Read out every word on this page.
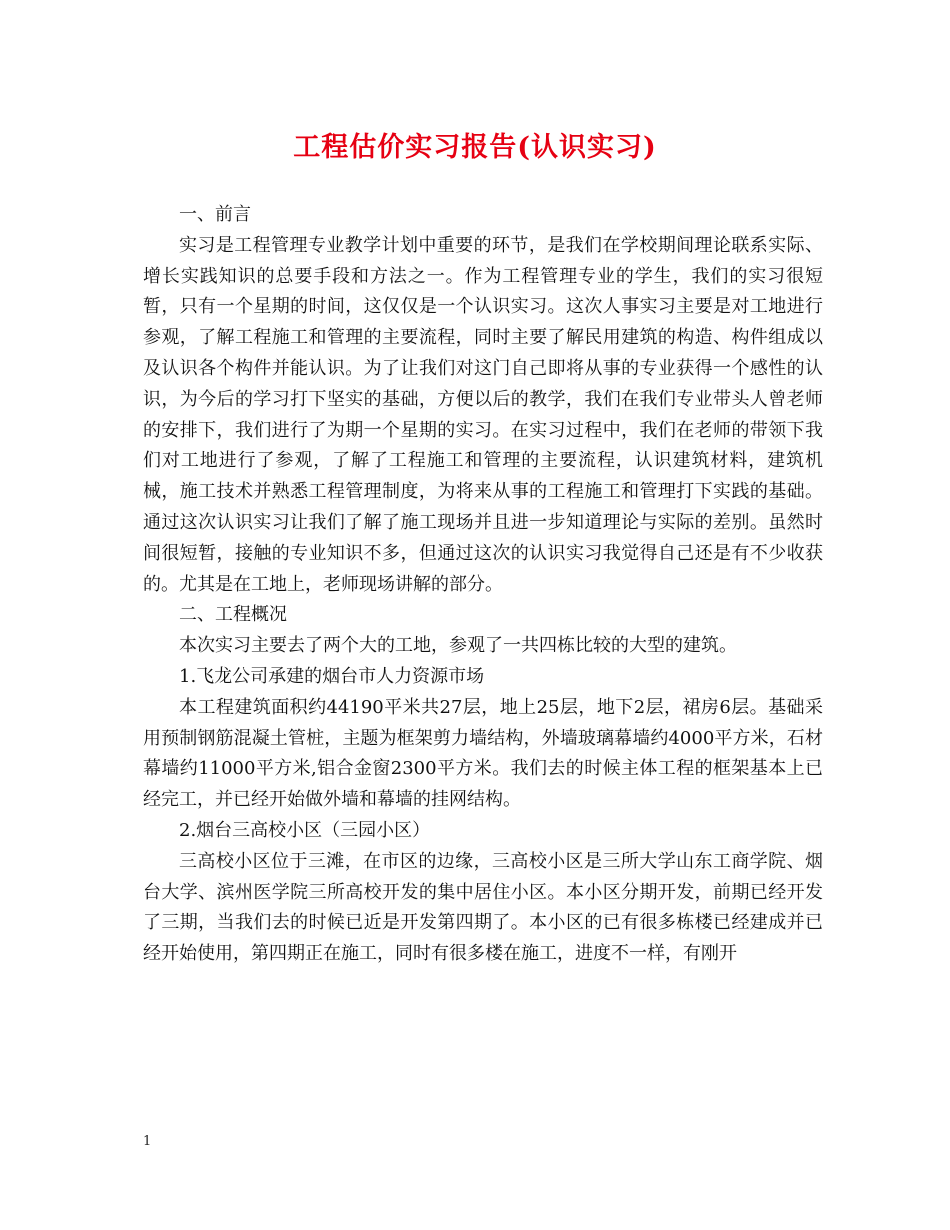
工程估价实习报告(认识实习)

一、前言

实习是工程管理专业教学计划中重要的环节，是我们在学校期间理论联系实际、增长实践知识的总要手段和方法之一。作为工程管理专业的学生，我们的实习很短暂，只有一个星期的时间，这仅仅是一个认识实习。这次人事实习主要是对工地进行参观，了解工程施工和管理的主要流程，同时主要了解民用建筑的构造、构件组成以及认识各个构件并能认识。为了让我们对这门自己即将从事的专业获得一个感性的认识，为今后的学习打下坚实的基础，方便以后的教学，我们在我们专业带头人曾老师的安排下，我们进行了为期一个星期的实习。在实习过程中，我们在老师的带领下我们对工地进行了参观，了解了工程施工和管理的主要流程，认识建筑材料，建筑机械，施工技术并熟悉工程管理制度，为将来从事的工程施工和管理打下实践的基础。通过这次认识实习让我们了解了施工现场并且进一步知道理论与实际的差别。虽然时间很短暂，接触的专业知识不多，但通过这次的认识实习我觉得自己还是有不少收获的。尤其是在工地上，老师现场讲解的部分。

二、工程概况

本次实习主要去了两个大的工地，参观了一共四栋比较的大型的建筑。

1.飞龙公司承建的烟台市人力资源市场

本工程建筑面积约44190平米共27层，地上25层，地下2层，裙房6层。基础采用预制钢筋混凝土管桩，主题为框架剪力墙结构，外墙玻璃幕墙约4000平方米，石材幕墙约11000平方米,铝合金窗2300平方米。我们去的时候主体工程的框架基本上已经完工，并已经开始做外墙和幕墙的挂网结构。

2.烟台三高校小区（三园小区）

三高校小区位于三滩，在市区的边缘，三高校小区是三所大学山东工商学院、烟台大学、滨州医学院三所高校开发的集中居住小区。本小区分期开发，前期已经开发了三期，当我们去的时候已近是开发第四期了。本小区的已有很多栋楼已经建成并已经开始使用，第四期正在施工，同时有很多楼在施工，进度不一样，有刚开

1
